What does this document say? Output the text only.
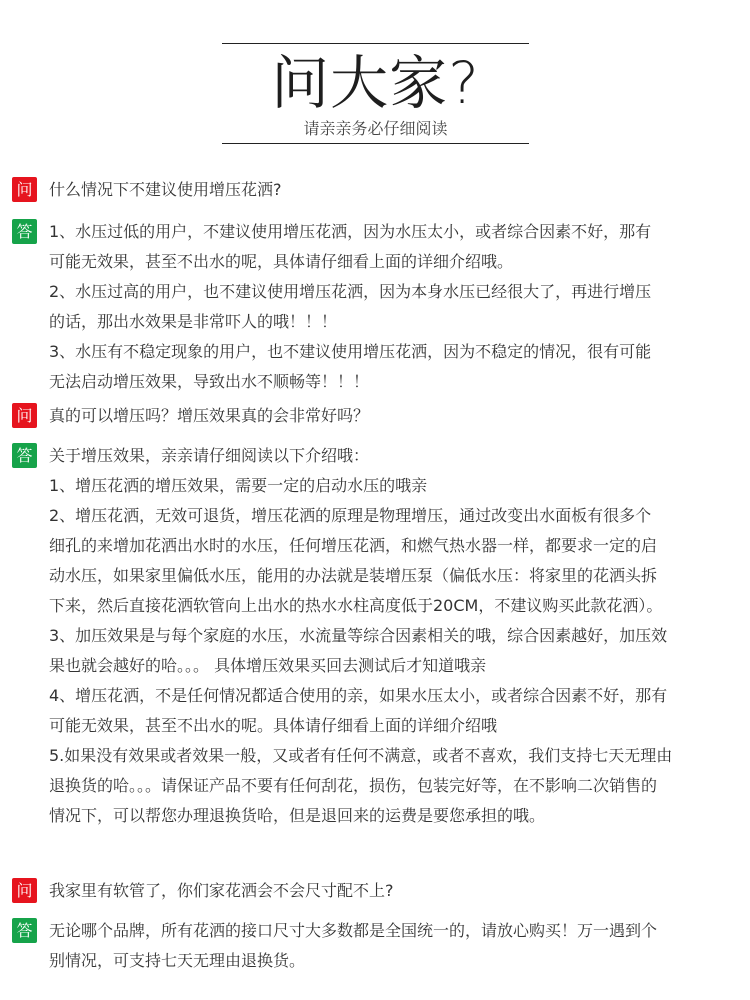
问大家?
请亲亲务必仔细阅读
问 什么情况下不建议使用增压花洒?
答 1、水压过低的用户，不建议使用增压花洒，因为水压太小，或者综合因素不好，那有
可能无效果，甚至不出水的呢，具体请仔细看上面的详细介绍哦。
2、水压过高的用户，也不建议使用增压花洒，因为本身水压已经很大了，再进行增压
的话，那出水效果是非常吓人的哦！！！
3、水压有不稳定现象的用户，也不建议使用增压花洒，因为不稳定的情况，很有可能
无法启动增压效果，导致出水不顺畅等！！！
问 真的可以增压吗？增压效果真的会非常好吗？
答 关于增压效果，亲亲请仔细阅读以下介绍哦：
1、增压花洒的增压效果，需要一定的启动水压的哦亲
2、增压花洒，无效可退货，增压花洒的原理是物理增压，通过改变出水面板有很多个
细孔的来增加花洒出水时的水压，任何增压花洒，和燃气热水器一样，都要求一定的启
动水压，如果家里偏低水压，能用的办法就是装增压泵（偏低水压：将家里的花洒头拆
下来，然后直接花洒软管向上出水的热水水柱高度低于20CM，不建议购买此款花洒）。
3、加压效果是与每个家庭的水压，水流量等综合因素相关的哦，综合因素越好，加压效
果也就会越好的哈。。。 具体增压效果买回去测试后才知道哦亲
4、增压花洒，不是任何情况都适合使用的亲，如果水压太小，或者综合因素不好，那有
可能无效果，甚至不出水的呢。具体请仔细看上面的详细介绍哦
5.如果没有效果或者效果一般，又或者有任何不满意，或者不喜欢，我们支持七天无理由
退换货的哈。。。请保证产品不要有任何刮花，损伤，包装完好等，在不影响二次销售的
情况下，可以帮您办理退换货哈，但是退回来的运费是要您承担的哦。
问 我家里有软管了，你们家花洒会不会尺寸配不上?
答 无论哪个品牌，所有花洒的接口尺寸大多数都是全国统一的，请放心购买！万一遇到个
别情况，可支持七天无理由退换货。
